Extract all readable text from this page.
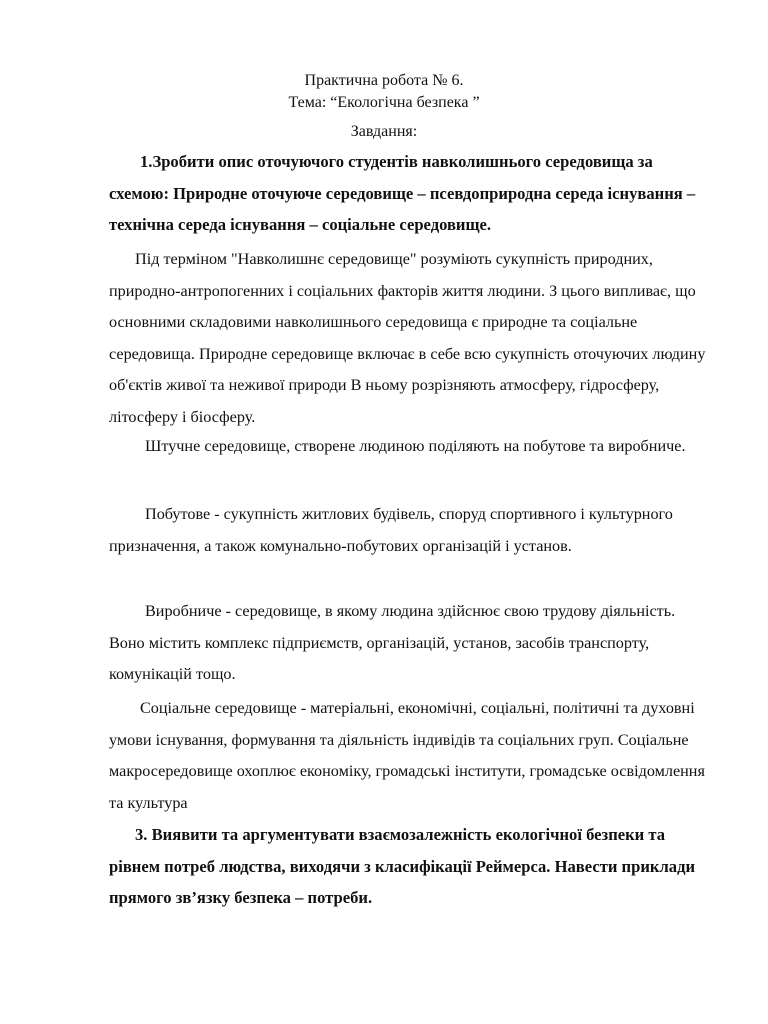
Практична робота № 6.
Тема: “Екологічна безпека ”
Завдання:

1.Зробити опис оточуючого студентів навколишнього середовища за схемою: Природне оточуюче середовище – псевдоприродна середа існування – технічна середа існування – соціальне середовище.

Під терміном "Навколишнє середовище" розуміють сукупність природних, природно-антропогенних і соціальних факторів життя людини. З цього випливає, що основними складовими навколишнього середовища є природне та соціальне середовища. Природне середовище включає в себе всю сукупність оточуючих людину об'єктів живої та неживої природи В ньому розрізняють атмосферу, гідросферу, літосферу і біосферу.

Штучне середовище, створене людиною поділяють на побутове та виробниче.

Побутове - сукупність житлових будівель, споруд спортивного і культурного призначення, а також комунально-побутових організацій і установ.

Виробниче - середовище, в якому людина здійснює свою трудову діяльність. Воно містить комплекс підприємств, організацій, установ, засобів транспорту, комунікацій тощо.

Соціальне середовище - матеріальні, економічні, соціальні, політичні та духовні умови існування, формування та діяльність індивідів та соціальних груп. Соціальне макросередовище охоплює економіку, громадські інститути, громадське освідомлення та культура

3. Виявити та аргументувати взаємозалежність екологічної безпеки та рівнем потреб людства, виходячи з класифікації Реймерса. Навести приклади прямого зв’язку безпека – потреби.
